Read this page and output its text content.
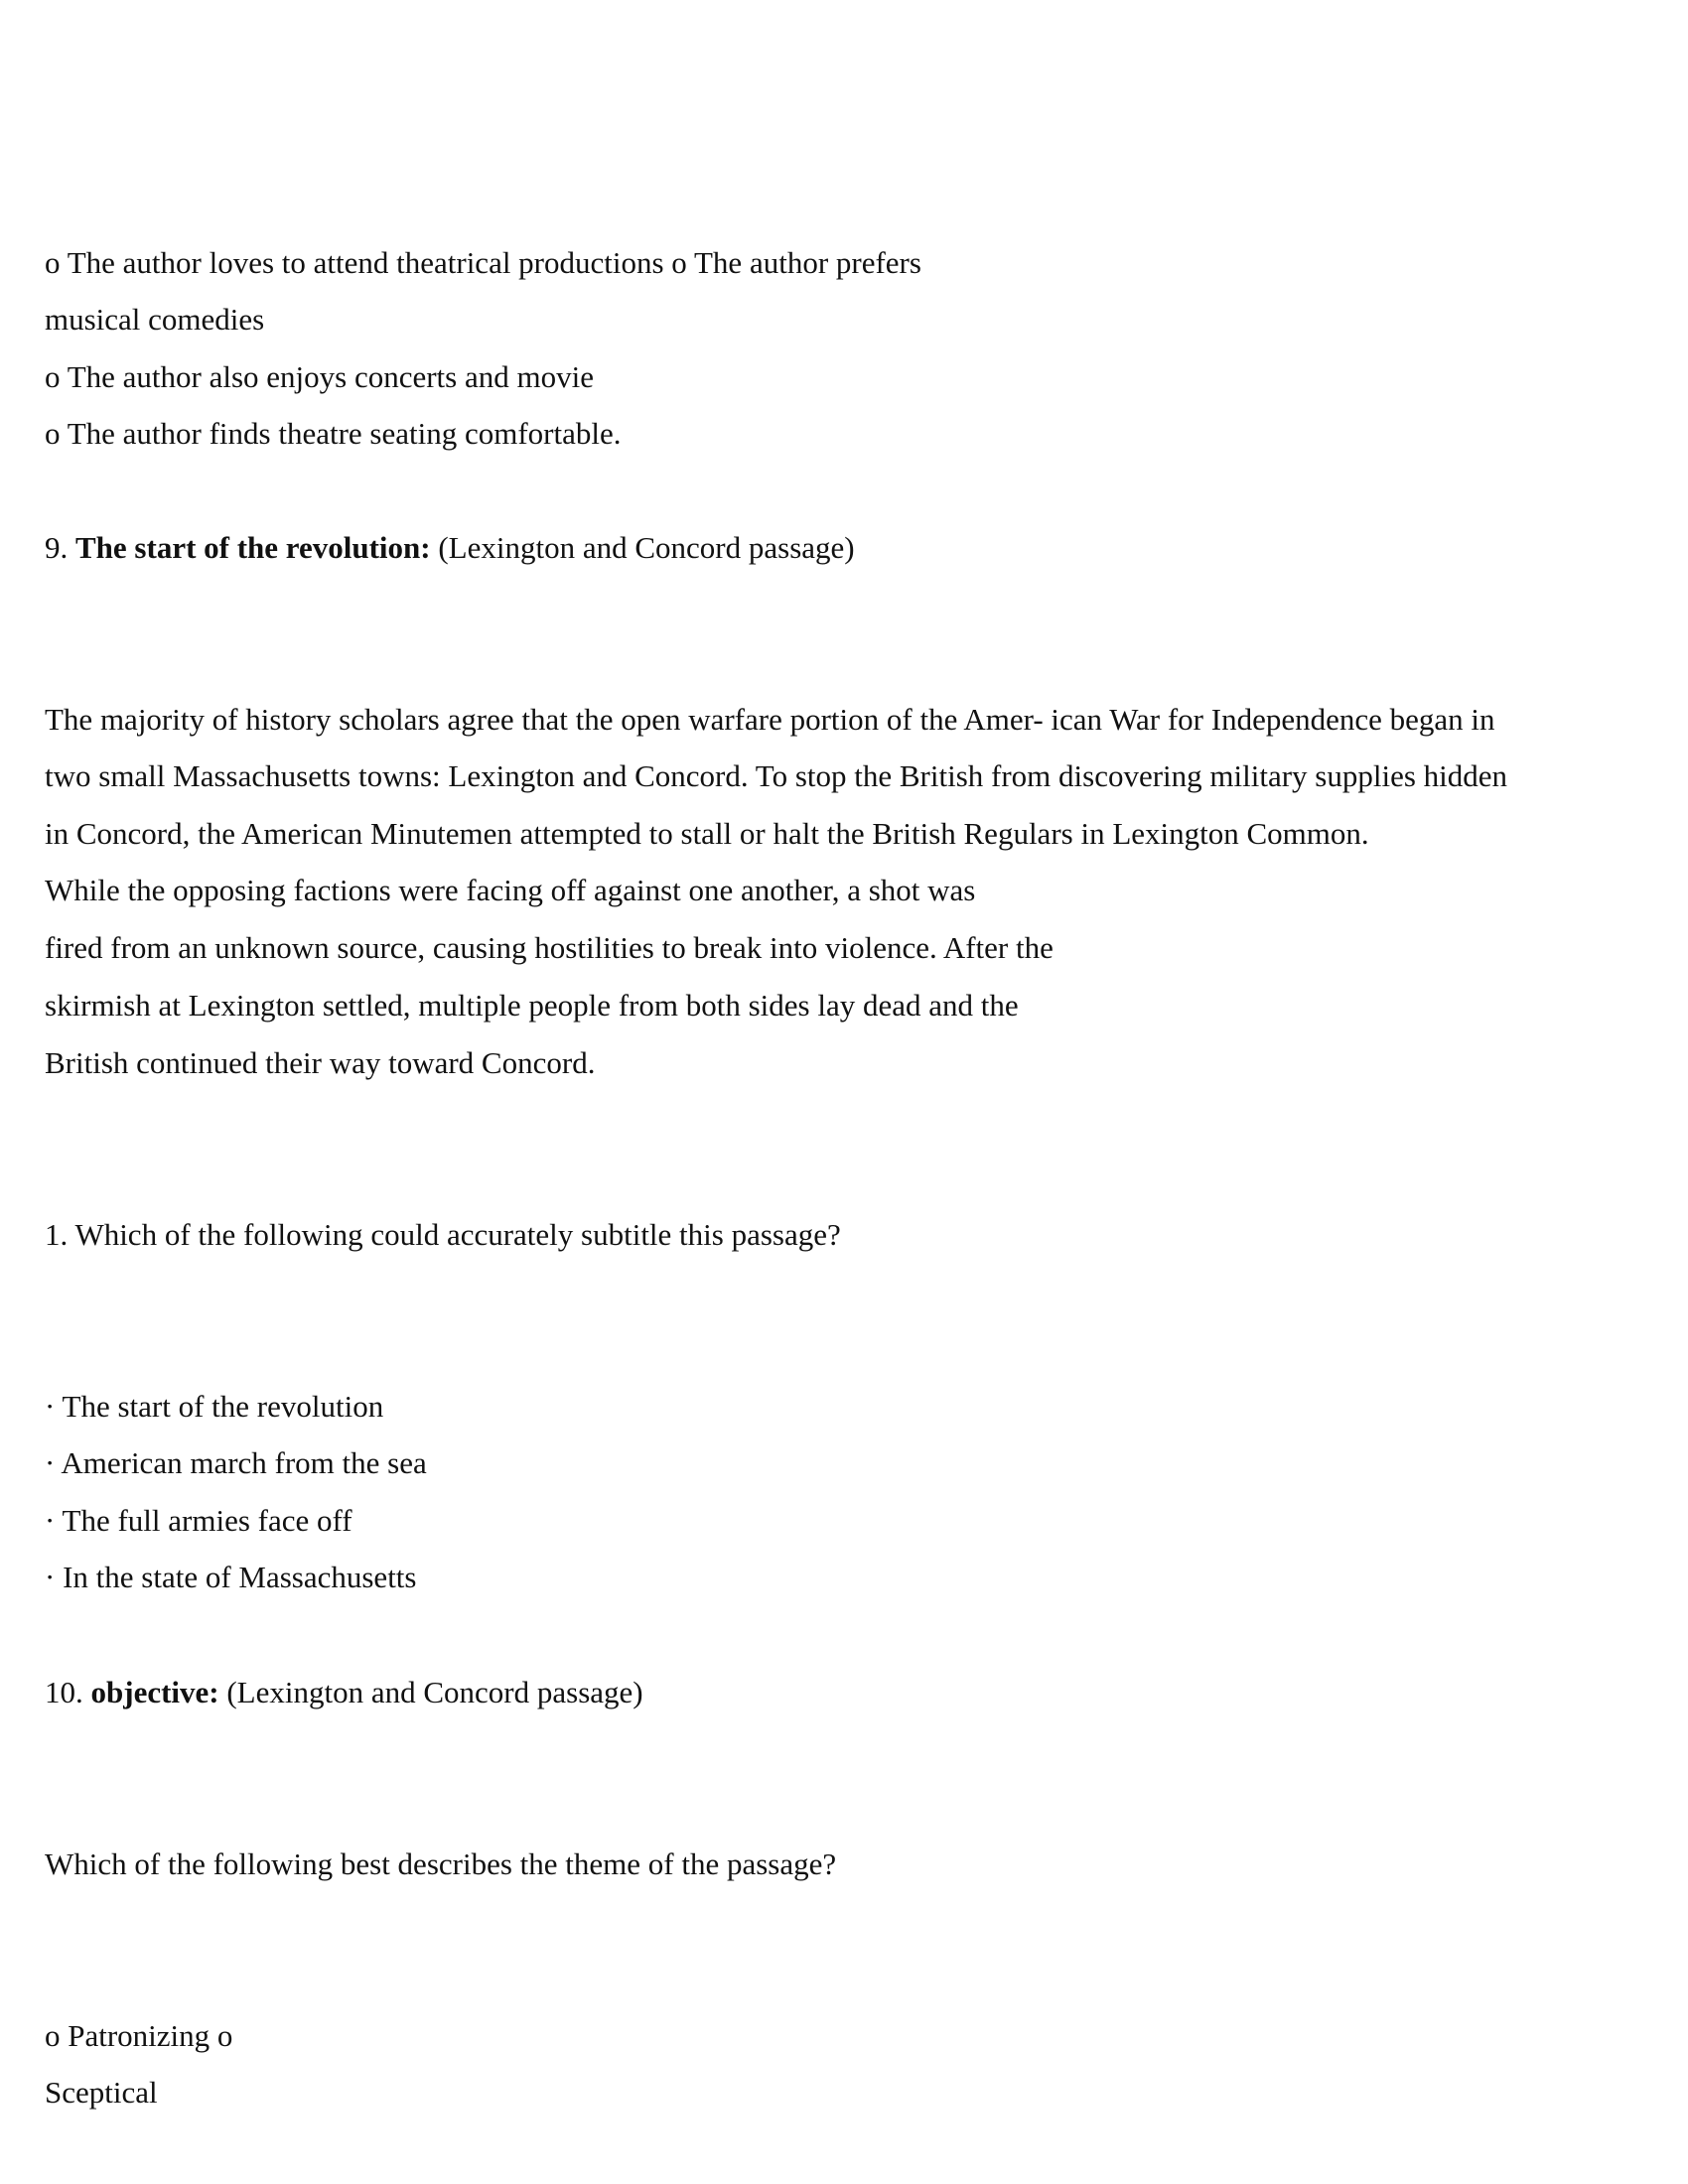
o The author loves to attend theatrical productions o The author prefers
musical comedies
o The author also enjoys concerts and movie
o The author finds theatre seating comfortable.
9. The start of the revolution: (Lexington and Concord passage)
The majority of history scholars agree that the open warfare portion of the Amer- ican War for Independence began in
two small Massachusetts towns: Lexington and Concord. To stop the British from discovering military supplies hidden
in Concord, the American Minutemen attempted to stall or halt the British Regulars in Lexington Common.
While the opposing factions were facing off against one another, a shot was
fired from an unknown source, causing hostilities to break into violence. After the
skirmish at Lexington settled, multiple people from both sides lay dead and the
British continued their way toward Concord.
1. Which of the following could accurately subtitle this passage?
· The start of the revolution
· American march from the sea
· The full armies face off
· In the state of Massachusetts
10. objective: (Lexington and Concord passage)
Which of the following best describes the theme of the passage?
o Patronizing o
Sceptical
